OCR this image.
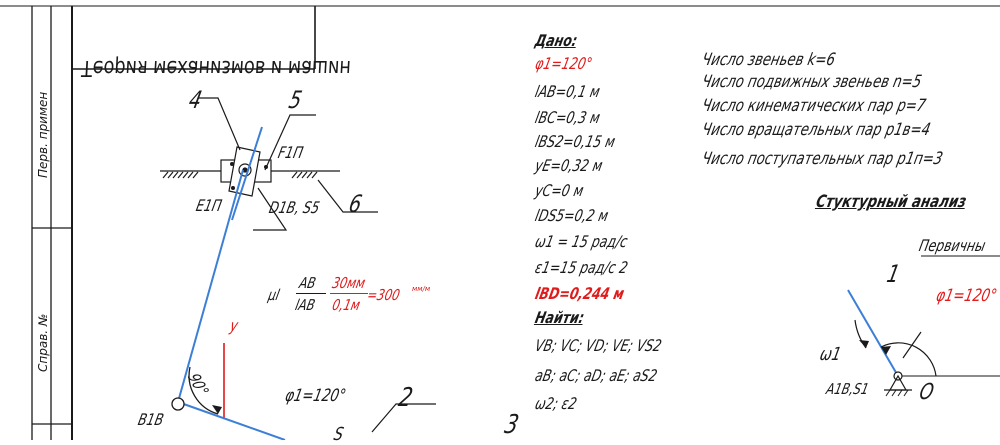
Перв. примен
Справ. №
Теория механизмов и машин
4	5
F1П
E1П	D1В, S5 6
y
90°
B1В
S
φ1=120° 2
3
μl
AB
lAB
30мм
0,1м
=300 мм/м
Дано:
φ1=120°
lAB=0,1 м
lBC=0,3 м
lBS2=0,15 м
yE=0,32 м
yC=0 м
lDS5=0,2 м
ω1 = 15 рад/с
ε1=15 рад/с 2
lBD=0,244 м
Найти:
VB; VC; VD; VE; VS2
aB; aC; aD; aE; aS2
ω2; ε2
Число звеньев k=6
Число подвижных звеньев n=5
Число кинематических пар p=7
Число вращательных пар p1в=4
Число поступательных пар p1п=3
Стуктурный анализ
Первичны
1
φ1=120°
ω1
A1В,S1 O
